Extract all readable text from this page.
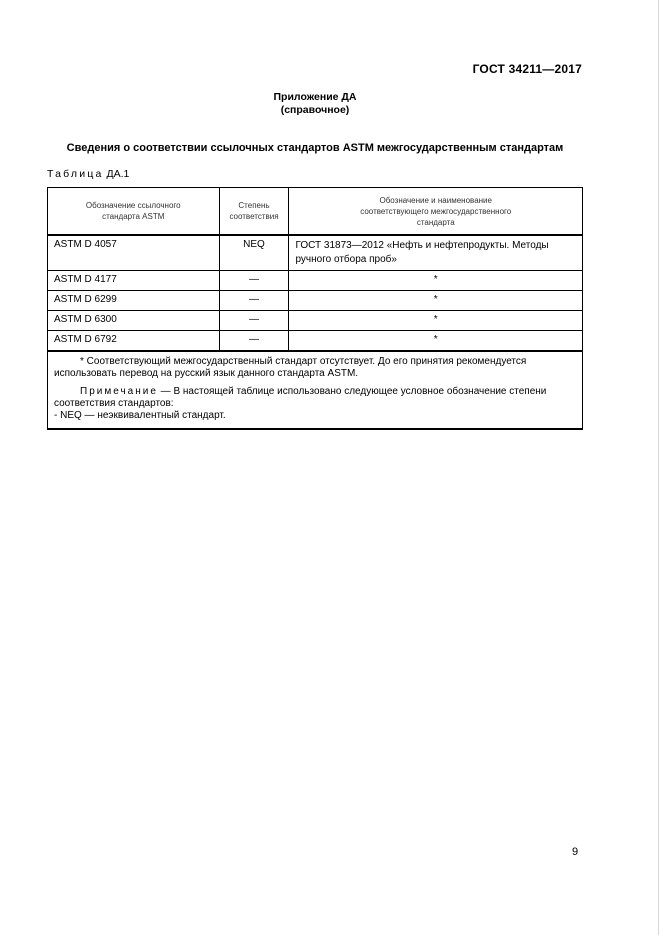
ГОСТ 34211—2017
Приложение ДА
(справочное)
Сведения о соответствии ссылочных стандартов ASTM межгосударственным стандартам
Таблица ДА.1
Обозначение ссылочного стандарта ASTM	Степень соответствия	Обозначение и наименование соответствующего межгосударственного стандарта
ASTM D 4057	NEQ	ГОСТ 31873—2012 «Нефть и нефтепродукты. Методы ручного отбора проб»
ASTM D 4177	—	*
ASTM D 6299	—	*
ASTM D 6300	—	*
ASTM D 6792	—	*

* Соответствующий межгосударственный стандарт отсутствует. До его принятия рекомендуется использовать перевод на русский язык данного стандарта ASTM.

Примечание — В настоящей таблице использовано следующее условное обозначение степени соответствия стандартов:

- NEQ — неэквивалентный стандарт.		

9
